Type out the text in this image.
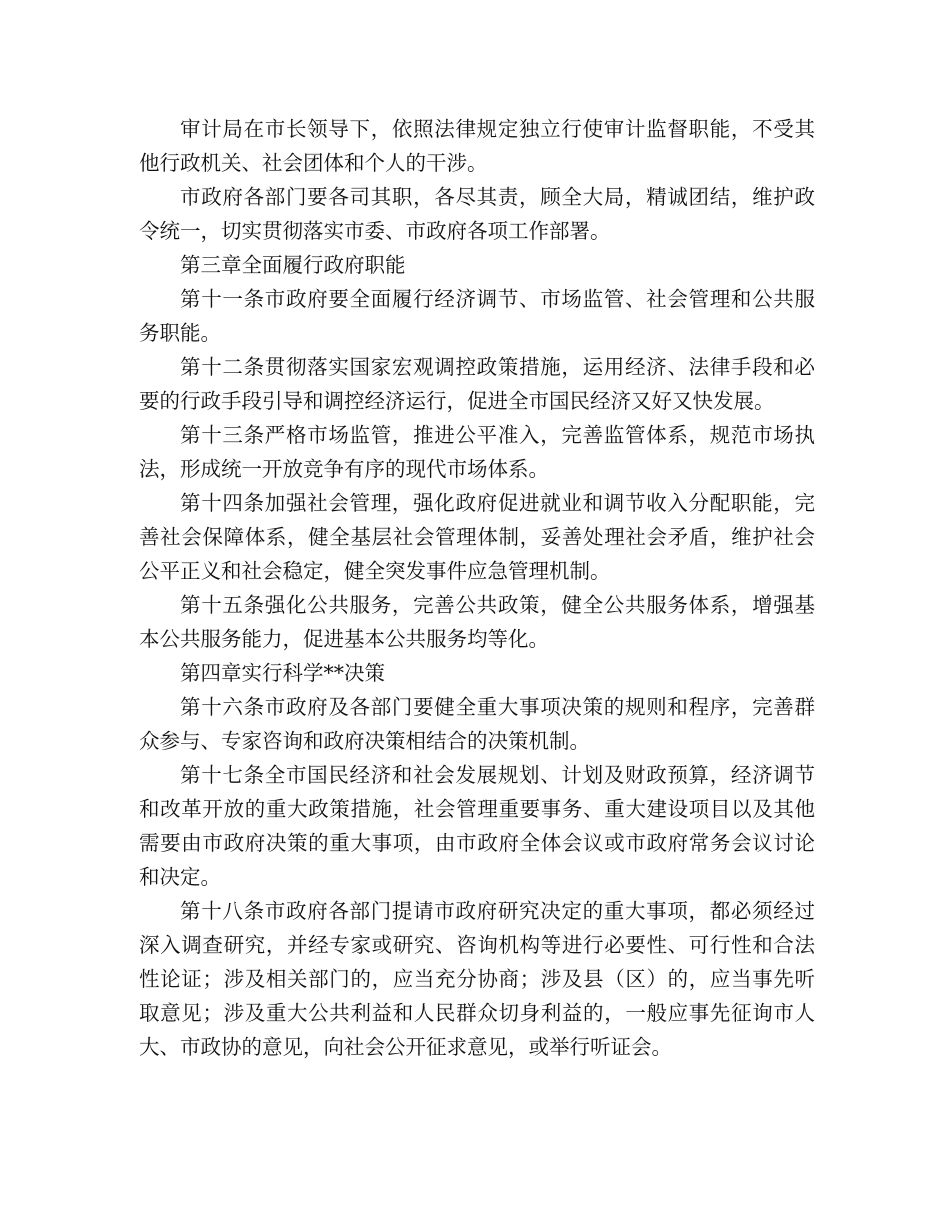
审计局在市长领导下，依照法律规定独立行使审计监督职能，不受其他行政机关、社会团体和个人的干涉。

市政府各部门要各司其职，各尽其责，顾全大局，精诚团结，维护政令统一，切实贯彻落实市委、市政府各项工作部署。

第三章全面履行政府职能

第十一条市政府要全面履行经济调节、市场监管、社会管理和公共服务职能。

第十二条贯彻落实国家宏观调控政策措施，运用经济、法律手段和必要的行政手段引导和调控经济运行，促进全市国民经济又好又快发展。

第十三条严格市场监管，推进公平准入，完善监管体系，规范市场执法，形成统一开放竞争有序的现代市场体系。

第十四条加强社会管理，强化政府促进就业和调节收入分配职能，完善社会保障体系，健全基层社会管理体制，妥善处理社会矛盾，维护社会公平正义和社会稳定，健全突发事件应急管理机制。

第十五条强化公共服务，完善公共政策，健全公共服务体系，增强基本公共服务能力，促进基本公共服务均等化。

第四章实行科学**决策

第十六条市政府及各部门要健全重大事项决策的规则和程序，完善群众参与、专家咨询和政府决策相结合的决策机制。

第十七条全市国民经济和社会发展规划、计划及财政预算，经济调节和改革开放的重大政策措施，社会管理重要事务、重大建设项目以及其他需要由市政府决策的重大事项，由市政府全体会议或市政府常务会议讨论和决定。

第十八条市政府各部门提请市政府研究决定的重大事项，都必须经过深入调查研究，并经专家或研究、咨询机构等进行必要性、可行性和合法性论证；涉及相关部门的，应当充分协商；涉及县（区）的，应当事先听取意见；涉及重大公共利益和人民群众切身利益的，一般应事先征询市人大、市政协的意见，向社会公开征求意见，或举行听证会。
